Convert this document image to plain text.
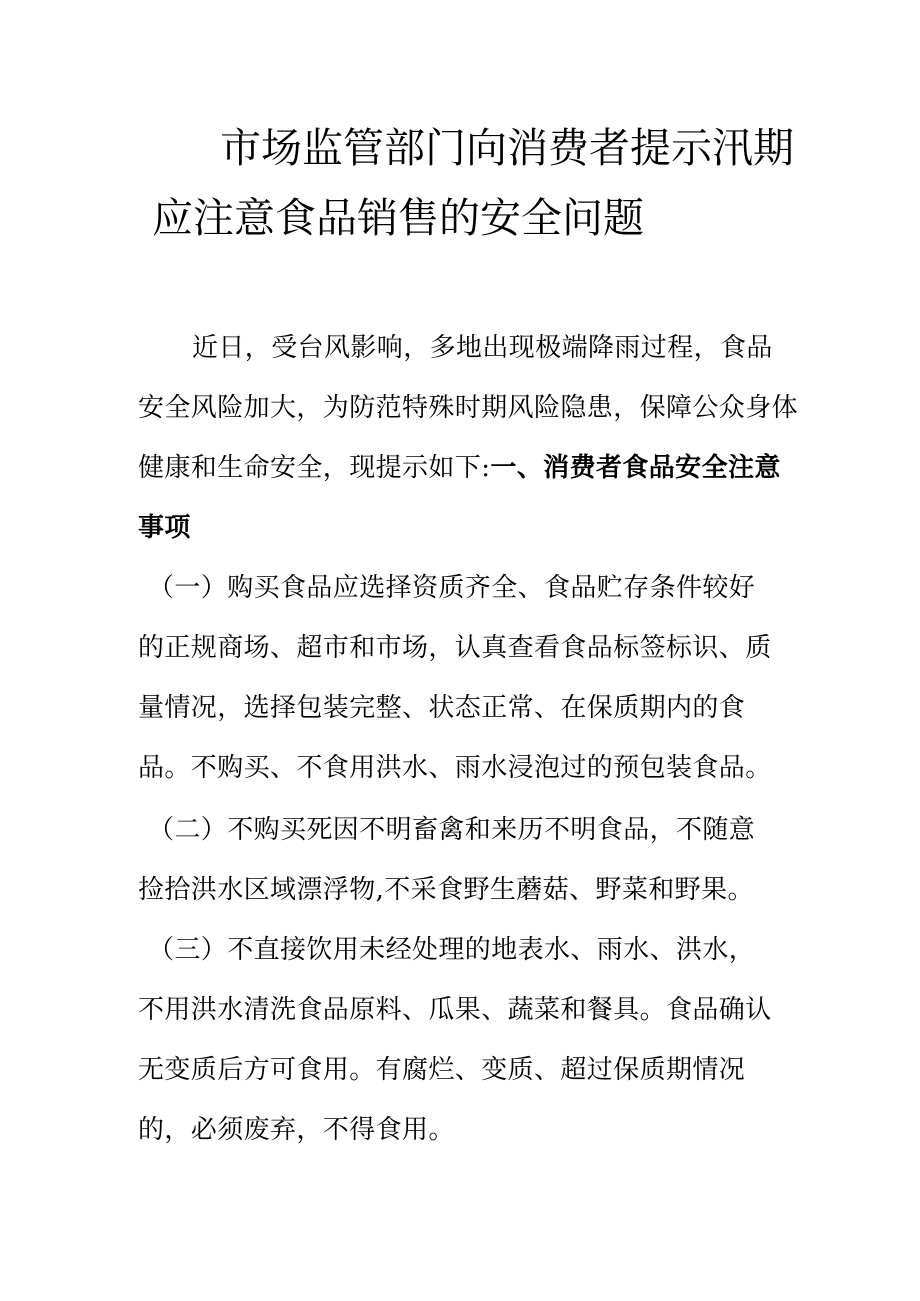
市场监管部门向消费者提示汛期
应注意食品销售的安全问题

近日，受台风影响，多地出现极端降雨过程，食品

安全风险加大，为防范特殊时期风险隐患，保障公众身体

健康和生命安全，现提示如下:一、消费者食品安全注意

事项

（一）购买食品应选择资质齐全、食品贮存条件较好

的正规商场、超市和市场，认真查看食品标签标识、质

量情况，选择包装完整、状态正常、在保质期内的食

品。不购买、不食用洪水、雨水浸泡过的预包装食品。

（二）不购买死因不明畜禽和来历不明食品，不随意

捡拾洪水区域漂浮物,不采食野生蘑菇、野菜和野果。

（三）不直接饮用未经处理的地表水、雨水、洪水，

不用洪水清洗食品原料、瓜果、蔬菜和餐具。食品确认

无变质后方可食用。有腐烂、变质、超过保质期情况

的，必须废弃，不得食用。
